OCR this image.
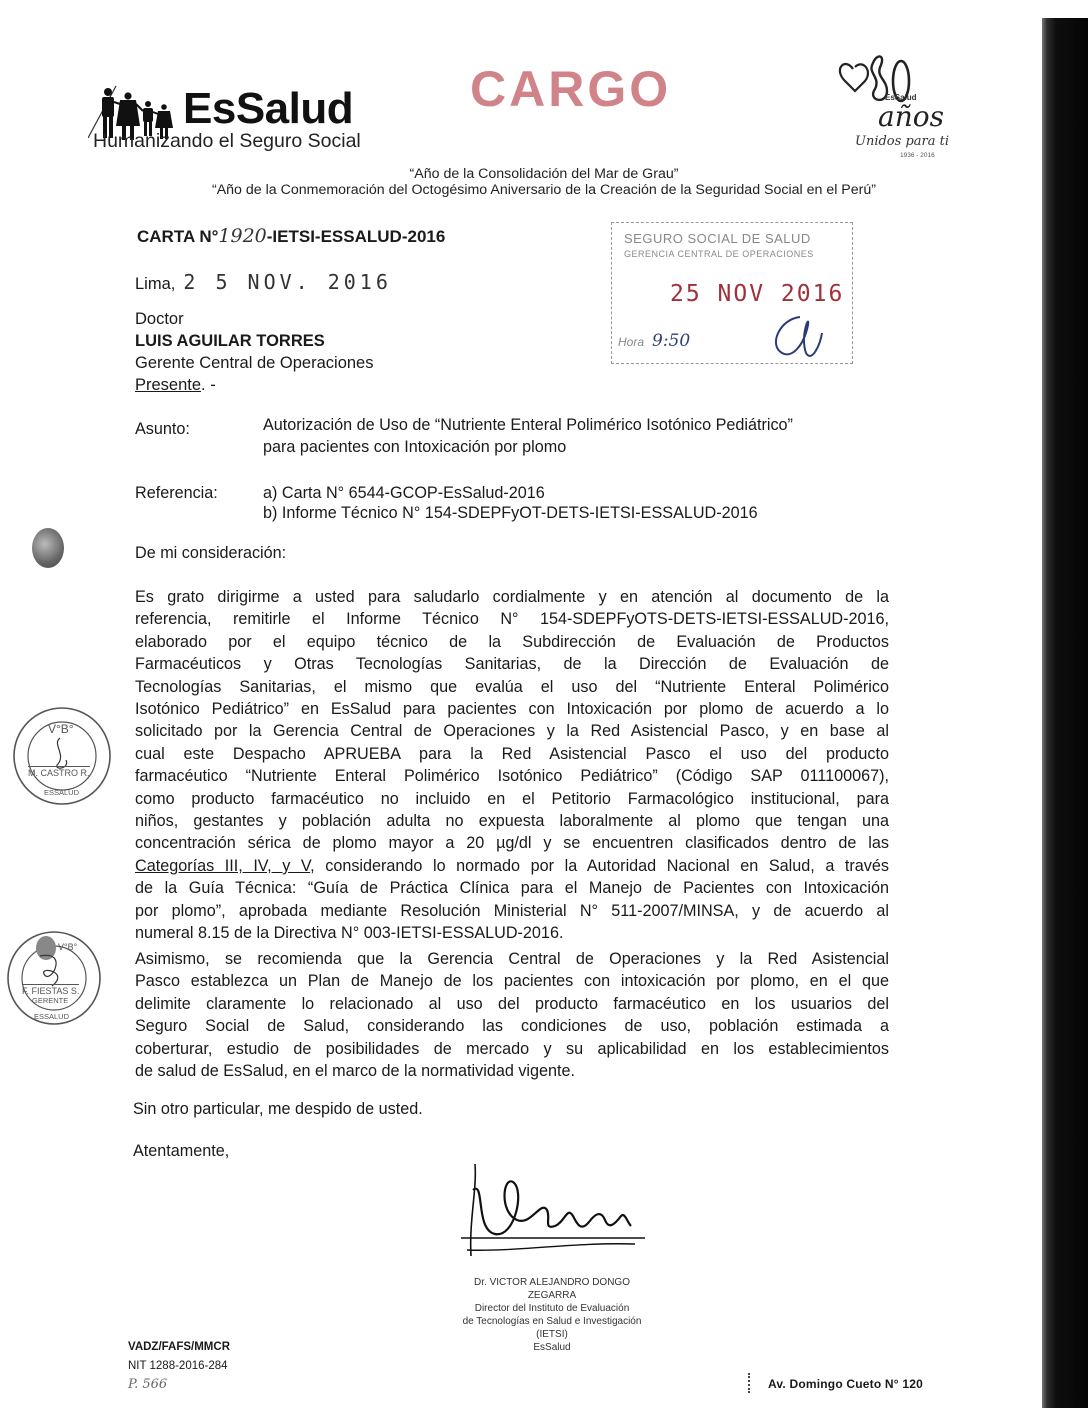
EsSalud
Humanizando el Seguro Social
CARGO	EsSalud
años
Unidos para ti
1936 - 2016
“Año de la Consolidación del Mar de Grau”
“Año de la Conmemoración del Octogésimo Aniversario de la Creación de la Seguridad Social en el Perú”
CARTA N°1920-IETSI-ESSALUD-2016
Lima, 2 5 NOV. 2016
SEGURO SOCIAL DE SALUD
GERENCIA CENTRAL DE OPERACIONES
25 NOV 2016
Hora 9:50
Doctor
LUIS AGUILAR TORRES
Gerente Central de Operaciones
Presente. -
Asunto:	Autorización de Uso de “Nutriente Enteral Polimérico Isotónico Pediátrico”
para pacientes con Intoxicación por plomo
Referencia:	a) Carta N° 6544-GCOP-EsSalud-2016
b) Informe Técnico N° 154-SDEPFyOT-DETS-IETSI-ESSALUD-2016
De mi consideración:
Es grato dirigirme a usted para saludarlo cordialmente y en atención al documento de la
referencia, remitirle el Informe Técnico N° 154-SDEPFyOTS-DETS-IETSI-ESSALUD-2016,
elaborado por el equipo técnico de la Subdirección de Evaluación de Productos
Farmacéuticos y Otras Tecnologías Sanitarias, de la Dirección de Evaluación de
Tecnologías Sanitarias, el mismo que evalúa el uso del “Nutriente Enteral Polimérico
Isotónico Pediátrico” en EsSalud para pacientes con Intoxicación por plomo de acuerdo a lo
solicitado por la Gerencia Central de Operaciones y la Red Asistencial Pasco, y en base al
cual este Despacho APRUEBA para la Red Asistencial Pasco el uso del producto
farmacéutico “Nutriente Enteral Polimérico Isotónico Pediátrico” (Código SAP 011100067),
como producto farmacéutico no incluido en el Petitorio Farmacológico institucional, para
niños, gestantes y población adulta no expuesta laboralmente al plomo que tengan una
concentración sérica de plomo mayor a 20 µg/dl y se encuentren clasificados dentro de las
Categorías III, IV, y V, considerando lo normado por la Autoridad Nacional en Salud, a través
de la Guía Técnica: “Guía de Práctica Clínica para el Manejo de Pacientes con Intoxicación
por plomo”, aprobada mediante Resolución Ministerial N° 511-2007/MINSA, y de acuerdo al
numeral 8.15 de la Directiva N° 003-IETSI-ESSALUD-2016.
Asimismo, se recomienda que la Gerencia Central de Operaciones y la Red Asistencial
Pasco establezca un Plan de Manejo de los pacientes con intoxicación por plomo, en el que
delimite claramente lo relacionado al uso del producto farmacéutico en los usuarios del
Seguro Social de Salud, considerando las condiciones de uso, población estimada a
coberturar, estudio de posibilidades de mercado y su aplicabilidad en los establecimientos
de salud de EsSalud, en el marco de la normatividad vigente.
Sin otro particular, me despido de usted.
Atentamente,
Dr. VICTOR ALEJANDRO DONGO ZEGARRA
Director del Instituto de Evaluación
de Tecnologías en Salud e Investigación (IETSI)
EsSalud
V°B°
M. CASTRO R.
ESSALUD
V°B°
F. FIESTAS S.
GERENTE
ESSALUD
VADZ/FAFS/MMCR
NIT 1288-2016-284
P. 566	Av. Domingo Cueto N° 120
